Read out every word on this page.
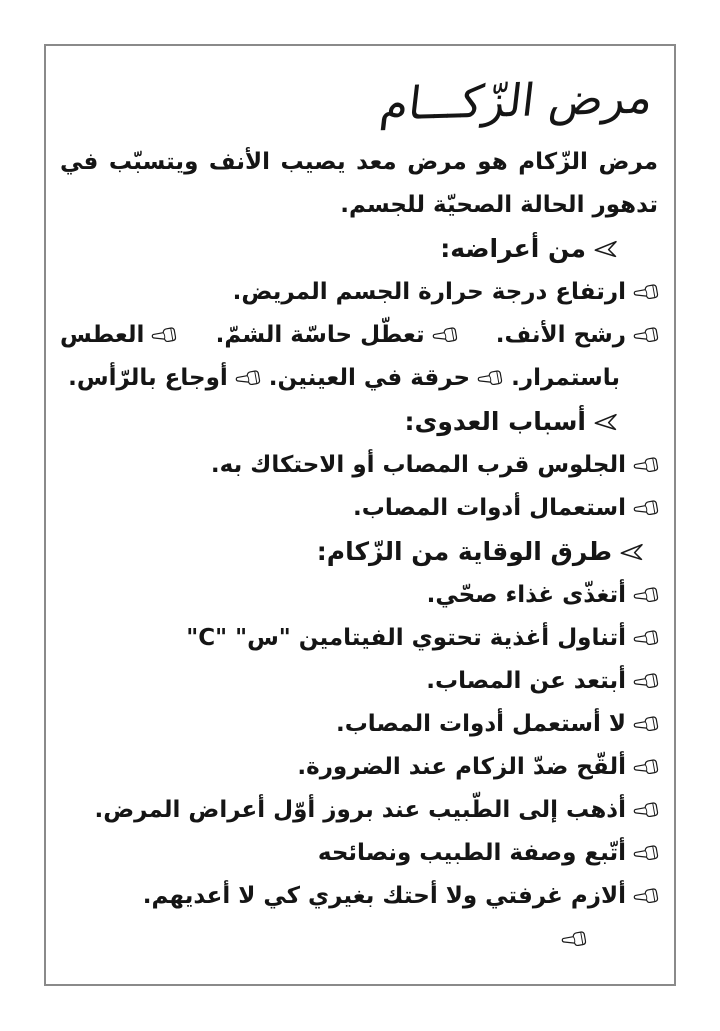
مرض الزّكـــام
مرض الزّكام هو مرض معد يصيب الأنف ويتسبّب في
تدهور الحالة الصحيّة للجسم.
من أعراضه:
ارتفاع درجة حرارة الجسم المريض.
رشح الأنف.
تعطّل حاسّة الشمّ.
العطس
باستمرار.حرقة في العينين.أوجاع بالرّأس.
أسباب العدوى:
الجلوس قرب المصاب أو الاحتكاك به.
استعمال أدوات المصاب.
طرق الوقاية من الزّكام:
أتغذّى غذاء صحّي.
أتناول أغذية تحتوي الفيتامين "س" "C"
أبتعد عن المصاب.
لا أستعمل أدوات المصاب.
ألقّح ضدّ الزكام عند الضرورة.
أذهب إلى الطّبيب عند بروز أوّل أعراض المرض.
أتّبع وصفة الطبيب ونصائحه
ألازم غرفتي ولا أحتك بغيري كي لا أعديهم.
